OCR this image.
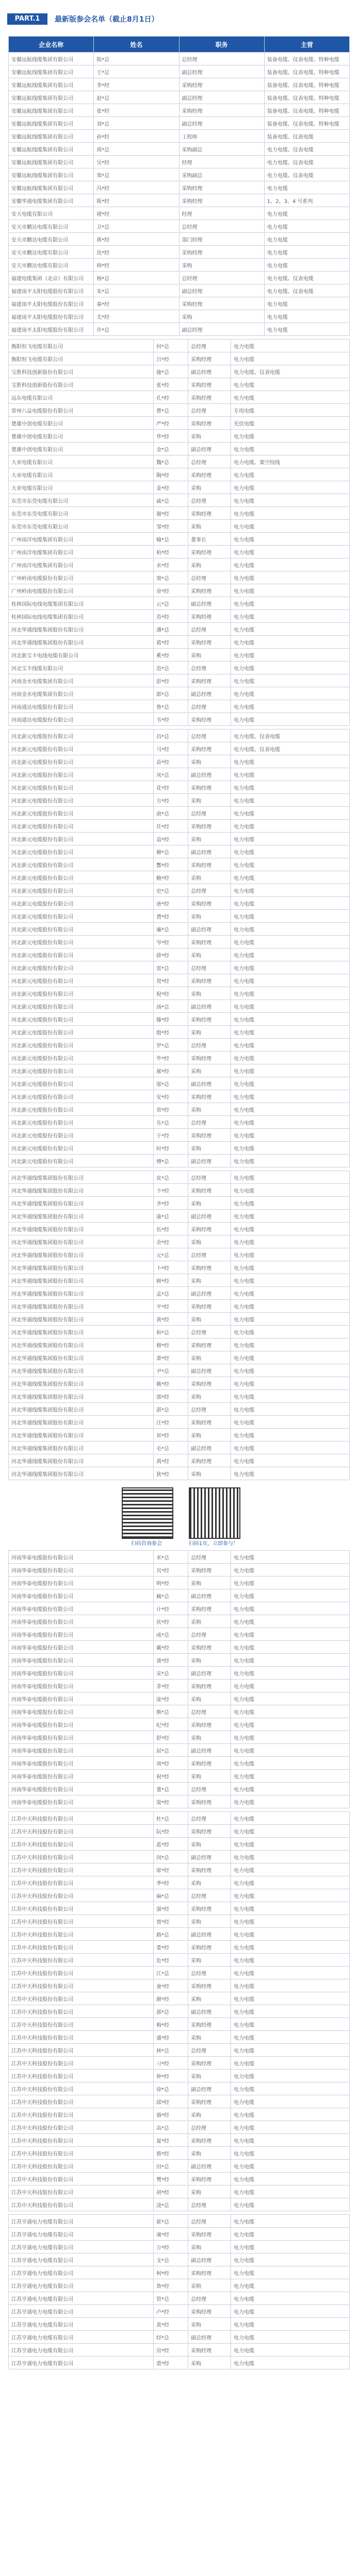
PART.1	最新版参会名单（截止8月1日）
企业名称	姓名	职务	主营
安徽远航线缆集团有限公司	陈*总	总经理	装备电缆、仪表电缆、特种电缆
安徽远航线缆集团有限公司	王*总	副总经理	装备电缆、仪表电缆、特种电缆
安徽远航线缆集团有限公司	李*经	采购经理	装备电缆、仪表电缆、特种电缆
安徽远航线缆集团有限公司	赵*总	副总经理	装备电缆、仪表电缆、特种电缆
安徽远航线缆集团有限公司	张*经	采购经理	装备电缆、仪表电缆、特种电缆
安徽远航线缆集团有限公司	刘*总	副总经理	装备电缆、仪表电缆、特种电缆
安徽远航线缆集团有限公司	孙*经	工程师	装备电缆、仪表电缆
安徽远航线缆集团有限公司	周*总	采购副总	电力电缆、仪表电缆
安徽远航线缆集团有限公司	吴*经	经理	电力电缆、仪表电缆
安徽远航线缆集团有限公司	郑*总	采购副总	电力电缆、仪表电缆
安徽远航线缆集团有限公司	冯*经	采购经理	电力电缆
安徽华通电缆集团有限公司	陈*经	采购经理	1、2、3、4 号系列
安天电缆有限公司	褚*经	经理	电力电缆
安天市鹏达电缆有限公司	卫*总	总经理	电力电缆
安天市鹏达电缆有限公司	蒋*经	部门经理	电力电缆
安天市鹏达电缆有限公司	沈*经	采购经理	电力电缆
安天市鹏达电缆有限公司	韩*经	采购	电力电缆
福建电缆集团（北京）有限公司	杨*总	总经理	电力电缆、仪表电缆
福建南平太阳电缆股份有限公司	朱*总	副总经理	电力电缆、仪表电缆
福建南平太阳电缆股份有限公司	秦*经	采购经理	电力电缆
福建南平太阳电缆股份有限公司	尤*经	采购	电力电缆
福建南平太阳电缆股份有限公司	许*总	副总经理	电力电缆
衡阳恒飞电缆有限公司	何*总	总经理	电力电缆
衡阳恒飞电缆有限公司	吕*经	采购经理	电力电缆
宝胜科技创新股份有限公司	施*总	副总经理	电力电缆、仪表电缆
宝胜科技创新股份有限公司	张*经	采购经理	电力电缆
远东电缆有限公司	孔*经	采购经理	电力电缆
常州八益电缆股份有限公司	曹*总	总经理	专用电缆
楚雄中创电缆有限公司	严*经	采购经理	光伏电缆
楚雄中创电缆有限公司	华*经	采购	电力电缆
楚雄中创电缆有限公司	金*总	副总经理	电力电缆
大亚电缆有限公司	魏*总	总经理	电力电缆、架空绞线
大亚电缆有限公司	陶*经	采购经理	电力电缆
大亚电缆有限公司	姜*经	采购	电力电缆
东莞市东莞电缆有限公司	戚*总	总经理	电力电缆
东莞市东莞电缆有限公司	谢*经	采购经理	电力电缆
东莞市东莞电缆有限公司	邹*经	采购	电力电缆
广州南洋电缆集团有限公司	喻*总	董事长	电力电缆
广州南洋电缆集团有限公司	柏*经	采购经理	电力电缆
广州南洋电缆集团有限公司	水*经	采购	电力电缆
广州岭南电缆股份有限公司	窦*总	总经理	电力电缆
广州岭南电缆股份有限公司	章*经	采购经理	电力电缆
桂林国际电线电缆集团有限公司	云*总	副总经理	电力电缆
桂林国际电线电缆集团有限公司	苏*经	采购经理	电力电缆
河北华通线缆集团股份有限公司	潘*总	总经理	电力电缆
河北华通线缆集团股份有限公司	葛*经	采购经理	电力电缆
河北新宝丰电线电缆有限公司	奚*经	采购	电力电缆
河北宝丰线缆有限公司	范*总	总经理	电力电缆
河南金水电缆集团有限公司	彭*经	采购经理	电力电缆
河南金水电缆集团有限公司	郎*总	副总经理	电力电缆
河南通达电缆股份有限公司	鲁*总	总经理	电力电缆
河南通达电缆股份有限公司	韦*经	采购经理	电力电缆
河北新元电缆股份有限公司	昌*总	总经理	电力电缆、仪表电缆
河北新元电缆股份有限公司	马*经	采购经理	电力电缆、仪表电缆
河北新元电缆股份有限公司	苗*经	采购	电力电缆
河北新元电缆股份有限公司	凤*总	副总经理	电力电缆
河北新元电缆股份有限公司	花*经	采购经理	电力电缆
河北新元电缆股份有限公司	方*经	采购	电力电缆
河北新元电缆股份有限公司	俞*总	总经理	电力电缆
河北新元电缆股份有限公司	任*经	采购经理	电力电缆
河北新元电缆股份有限公司	袁*经	采购	电力电缆
河北新元电缆股份有限公司	柳*总	副总经理	电力电缆
河北新元电缆股份有限公司	酆*经	采购经理	电力电缆
河北新元电缆股份有限公司	鲍*经	采购	电力电缆
河北新元电缆股份有限公司	史*总	总经理	电力电缆
河北新元电缆股份有限公司	唐*经	采购经理	电力电缆
河北新元电缆股份有限公司	费*经	采购	电力电缆
河北新元电缆股份有限公司	廉*总	副总经理	电力电缆
河北新元电缆股份有限公司	岑*经	采购经理	电力电缆
河北新元电缆股份有限公司	薛*经	采购	电力电缆
河北新元电缆股份有限公司	雷*总	总经理	电力电缆
河北新元电缆股份有限公司	贺*经	采购经理	电力电缆
河北新元电缆股份有限公司	倪*经	采购	电力电缆
河北新元电缆股份有限公司	汤*总	副总经理	电力电缆
河北新元电缆股份有限公司	滕*经	采购经理	电力电缆
河北新元电缆股份有限公司	殷*经	采购	电力电缆
河北新元电缆股份有限公司	罗*总	总经理	电力电缆
河北新元电缆股份有限公司	毕*经	采购经理	电力电缆
河北新元电缆股份有限公司	郝*经	采购	电力电缆
河北新元电缆股份有限公司	邬*总	副总经理	电力电缆
河北新元电缆股份有限公司	安*经	采购经理	电力电缆
河北新元电缆股份有限公司	常*经	采购	电力电缆
河北新元电缆股份有限公司	乐*总	总经理	电力电缆
河北新元电缆股份有限公司	于*经	采购经理	电力电缆
河北新元电缆股份有限公司	时*经	采购	电力电缆
河北新元电缆股份有限公司	傅*总	副总经理	电力电缆
河北华通线缆集团股份有限公司	皮*总	总经理	电力电缆
河北华通线缆集团股份有限公司	卞*经	采购经理	电力电缆
河北华通线缆集团股份有限公司	齐*经	采购	电力电缆
河北华通线缆集团股份有限公司	康*总	副总经理	电力电缆
河北华通线缆集团股份有限公司	伍*经	采购经理	电力电缆
河北华通线缆集团股份有限公司	余*经	采购	电力电缆
河北华通线缆集团股份有限公司	元*总	总经理	电力电缆
河北华通线缆集团股份有限公司	卜*经	采购经理	电力电缆
河北华通线缆集团股份有限公司	顾*经	采购	电力电缆
河北华通线缆集团股份有限公司	孟*总	副总经理	电力电缆
河北华通线缆集团股份有限公司	平*经	采购经理	电力电缆
河北华通线缆集团股份有限公司	黄*经	采购	电力电缆
河北华通线缆集团股份有限公司	和*总	总经理	电力电缆
河北华通线缆集团股份有限公司	穆*经	采购经理	电力电缆
河北华通线缆集团股份有限公司	萧*经	采购	电力电缆
河北华通线缆集团股份有限公司	尹*总	副总经理	电力电缆
河北华通线缆集团股份有限公司	姚*经	采购经理	电力电缆
河北华通线缆集团股份有限公司	邵*经	采购	电力电缆
河北华通线缆集团股份有限公司	湛*总	总经理	电力电缆
河北华通线缆集团股份有限公司	汪*经	采购经理	电力电缆
河北华通线缆集团股份有限公司	祁*经	采购	电力电缆
河北华通线缆集团股份有限公司	毛*总	副总经理	电力电缆
河北华通线缆集团股份有限公司	禹*经	采购经理	电力电缆
河北华通线缆集团股份有限公司	狄*经	采购	电力电缆
扫码咨询参会	扫码1页，立即参与！
河南华泰电缆股份有限公司	米*总	总经理	电力电缆
河南华泰电缆股份有限公司	贝*经	采购经理	电力电缆
河南华泰电缆股份有限公司	明*经	采购	电力电缆
河南华泰电缆股份有限公司	臧*总	副总经理	电力电缆
河南华泰电缆股份有限公司	计*经	采购经理	电力电缆
河南华泰电缆股份有限公司	伏*经	采购	电力电缆
河南华泰电缆股份有限公司	成*总	总经理	电力电缆
河南华泰电缆股份有限公司	戴*经	采购经理	电力电缆
河南华泰电缆股份有限公司	谈*经	采购	电力电缆
河南华泰电缆股份有限公司	宋*总	副总经理	电力电缆
河南华泰电缆股份有限公司	茅*经	采购经理	电力电缆
河南华泰电缆股份有限公司	庞*经	采购	电力电缆
河南华泰电缆股份有限公司	熊*总	总经理	电力电缆
河南华泰电缆股份有限公司	纪*经	采购经理	电力电缆
河南华泰电缆股份有限公司	舒*经	采购	电力电缆
河南华泰电缆股份有限公司	屈*总	副总经理	电力电缆
河南华泰电缆股份有限公司	项*经	采购经理	电力电缆
河南华泰电缆股份有限公司	祝*经	采购	电力电缆
河南华泰电缆股份有限公司	董*总	总经理	电力电缆
河南华泰电缆股份有限公司	梁*经	采购经理	电力电缆
江苏中天科技股份有限公司	杜*总	总经理	电力电缆
江苏中天科技股份有限公司	阮*经	采购经理	电力电缆
江苏中天科技股份有限公司	蓝*经	采购	电力电缆
江苏中天科技股份有限公司	闵*总	副总经理	电力电缆
江苏中天科技股份有限公司	席*经	采购经理	电力电缆
江苏中天科技股份有限公司	季*经	采购	电力电缆
江苏中天科技股份有限公司	麻*总	总经理	电力电缆
江苏中天科技股份有限公司	强*经	采购经理	电力电缆
江苏中天科技股份有限公司	贾*经	采购	电力电缆
江苏中天科技股份有限公司	路*总	副总经理	电力电缆
江苏中天科技股份有限公司	娄*经	采购经理	电力电缆
江苏中天科技股份有限公司	危*经	采购	电力电缆
江苏中天科技股份有限公司	江*总	总经理	电力电缆
江苏中天科技股份有限公司	童*经	采购经理	电力电缆
江苏中天科技股份有限公司	颜*经	采购	电力电缆
江苏中天科技股份有限公司	郭*总	副总经理	电力电缆
江苏中天科技股份有限公司	梅*经	采购经理	电力电缆
江苏中天科技股份有限公司	盛*经	采购	电力电缆
江苏中天科技股份有限公司	林*总	总经理	电力电缆
江苏中天科技股份有限公司	刁*经	采购经理	电力电缆
江苏中天科技股份有限公司	钟*经	采购	电力电缆
江苏中天科技股份有限公司	徐*总	副总经理	电力电缆
江苏中天科技股份有限公司	邱*经	采购经理	电力电缆
江苏中天科技股份有限公司	骆*经	采购	电力电缆
江苏中天科技股份有限公司	高*总	总经理	电力电缆
江苏中天科技股份有限公司	夏*经	采购经理	电力电缆
江苏中天科技股份有限公司	蔡*经	采购	电力电缆
江苏中天科技股份有限公司	田*总	副总经理	电力电缆
江苏中天科技股份有限公司	樊*经	采购经理	电力电缆
江苏中天科技股份有限公司	胡*经	采购	电力电缆
江苏中天科技股份有限公司	凌*总	总经理	电力电缆
江苏亨通电力电缆有限公司	霍*总	总经理	电力电缆
江苏亨通电力电缆有限公司	虞*经	采购经理	电力电缆
江苏亨通电力电缆有限公司	万*经	采购	电力电缆
江苏亨通电力电缆有限公司	支*总	副总经理	电力电缆
江苏亨通电力电缆有限公司	柯*经	采购经理	电力电缆
江苏亨通电力电缆有限公司	昝*经	采购	电力电缆
江苏亨通电力电缆有限公司	管*总	总经理	电力电缆
江苏亨通电力电缆有限公司	卢*经	采购经理	电力电缆
江苏亨通电力电缆有限公司	莫*经	采购	电力电缆
江苏亨通电力电缆有限公司	经*总	副总经理	电力电缆
江苏亨通电力电缆有限公司	房*经	采购经理	电力电缆
江苏亨通电力电缆有限公司	裘*经	采购	电力电缆
